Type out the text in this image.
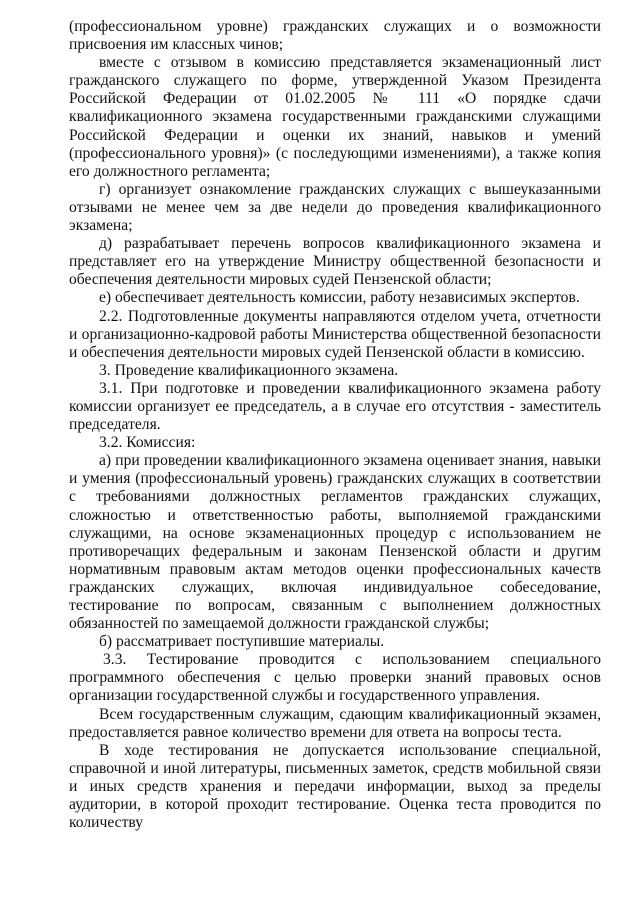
(профессиональном уровне) гражданских служащих и о возможности присвоения им классных чинов;

вместе с отзывом в комиссию представляется экзаменационный лист гражданского служащего по форме, утвержденной Указом Президента Российской Федерации от 01.02.2005 № 111 «О порядке сдачи квалификационного экзамена государственными гражданскими служащими Российской Федерации и оценки их знаний, навыков и умений (профессионального уровня)» (с последующими изменениями), а также копия его должностного регламента;

г) организует ознакомление гражданских служащих с вышеуказанными отзывами не менее чем за две недели до проведения квалификационного экзамена;

д) разрабатывает перечень вопросов квалификационного экзамена и представляет его на утверждение Министру общественной безопасности и обеспечения деятельности мировых судей Пензенской области;

е) обеспечивает деятельность комиссии, работу независимых экспертов.

2.2. Подготовленные документы направляются отделом учета, отчетности и организационно-кадровой работы Министерства общественной безопасности и обеспечения деятельности мировых судей Пензенской области в комиссию.

3. Проведение квалификационного экзамена.

3.1. При подготовке и проведении квалификационного экзамена работу комиссии организует ее председатель, а в случае его отсутствия - заместитель председателя.

3.2. Комиссия:

а) при проведении квалификационного экзамена оценивает знания, навыки и умения (профессиональный уровень) гражданских служащих в соответствии с требованиями должностных регламентов гражданских служащих, сложностью и ответственностью работы, выполняемой гражданскими служащими, на основе экзаменационных процедур с использованием не противоречащих федеральным и законам Пензенской области и другим нормативным правовым актам методов оценки профессиональных качеств гражданских служащих, включая индивидуальное собеседование, тестирование по вопросам, связанным с выполнением должностных обязанностей по замещаемой должности гражданской службы;

б) рассматривает поступившие материалы.

3.3. Тестирование проводится с использованием специального программного обеспечения с целью проверки знаний правовых основ организации государственной службы и государственного управления.

Всем государственным служащим, сдающим квалификационный экзамен, предоставляется равное количество времени для ответа на вопросы теста.

В ходе тестирования не допускается использование специальной, справочной и иной литературы, письменных заметок, средств мобильной связи и иных средств хранения и передачи информации, выход за пределы аудитории, в которой проходит тестирование. Оценка теста проводится по количеству
